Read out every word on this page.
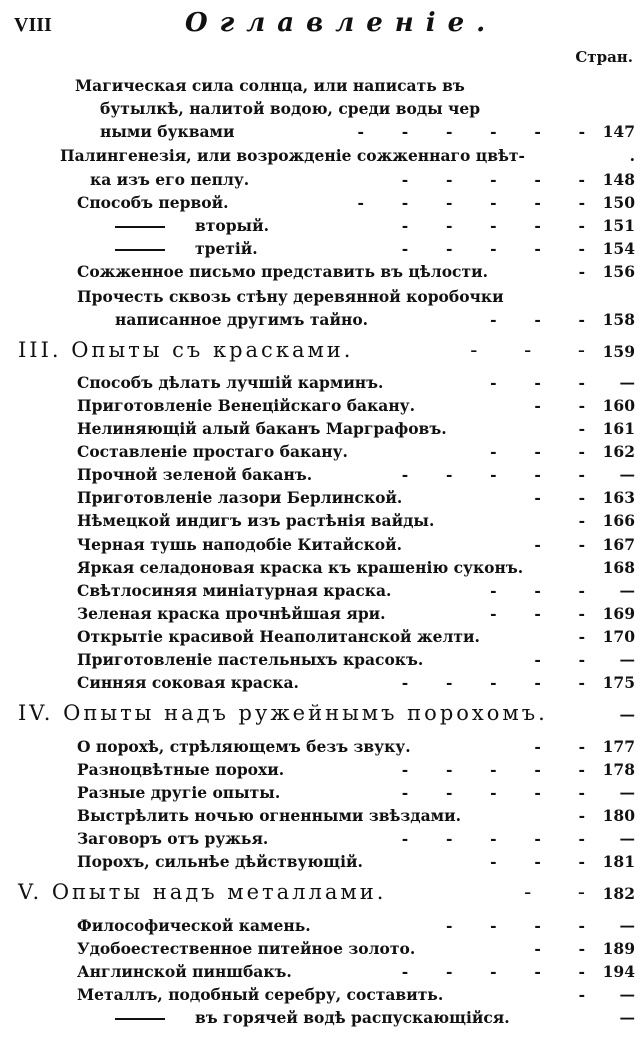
VIII	Оглавленіе.
Стран.
Магическая сила солнца, или написать въ
бутылкѣ, налитой водою, среди воды чер
ными буквами	-       -       -       -       -       -	147
Палингенезія, или возрожденіе сожженнаго цвѣт-	.
ка изъ его пеплу.	-       -       -       -       -	148
Способъ первой.	-       -       -       -       -       -	150
вторый.	-       -       -       -       -	151
третій.	-       -       -       -       -	154
Сожженное письмо представить въ цѣлости.	-	156
Прочесть сквозь стѣну деревянной коробочки
написанное другимъ тайно.	-       -       -	158
III. Опыты съ красками.	-       -       -	159
Способъ дѣлать лучшій карминъ.	-       -       -	—
Приготовленіе Венеційскаго бакану.	-       -	160
Нелиняющій алый баканъ Марграфовъ.	-	161
Составленіе простаго бакану.	-       -       -	162
Прочной зеленой баканъ.	-       -       -       -       -	—
Приготовленіе лазори Берлинской.	-       -	163
Нѣмецкой индигъ изъ растѣнія вайды.	-	166
Черная тушь наподобіе Китайской.	-       -	167
Яркая селадоновая краска къ крашенію суконъ.	168
Свѣтлосиняя миніатурная краска.	-       -       -	—
Зеленая краска прочнѣйшая яри.	-       -       -	169
Открытіе красивой Неаполитанской желти.	-	170
Приготовленіе пастельныхъ красокъ.	-       -	—
Синняя соковая краска.	-       -       -       -       -	175
IV. Опыты надъ ружейнымъ порохомъ.	—
О порохѣ, стрѣляющемъ безъ звуку.	-       -	177
Разноцвѣтные порохи.	-       -       -       -       -	178
Разные другіе опыты.	-       -       -       -       -	—
Выстрѣлить ночью огненными звѣздами.	-	180
Заговоръ отъ ружья.	-       -       -       -       -	—
Порохъ, сильнѣе дѣйствующій.	-       -       -	181
V. Опыты надъ металлами.	-       -	182
Философической камень.	-       -       -       -	—
Удобоестественное питейное золото.	-       -	189
Англинской пиншбакъ.	-       -       -       -       -	194
Металлъ, подобный серебру, составить.	-	—
въ горячей водѣ распускающійся.	—
